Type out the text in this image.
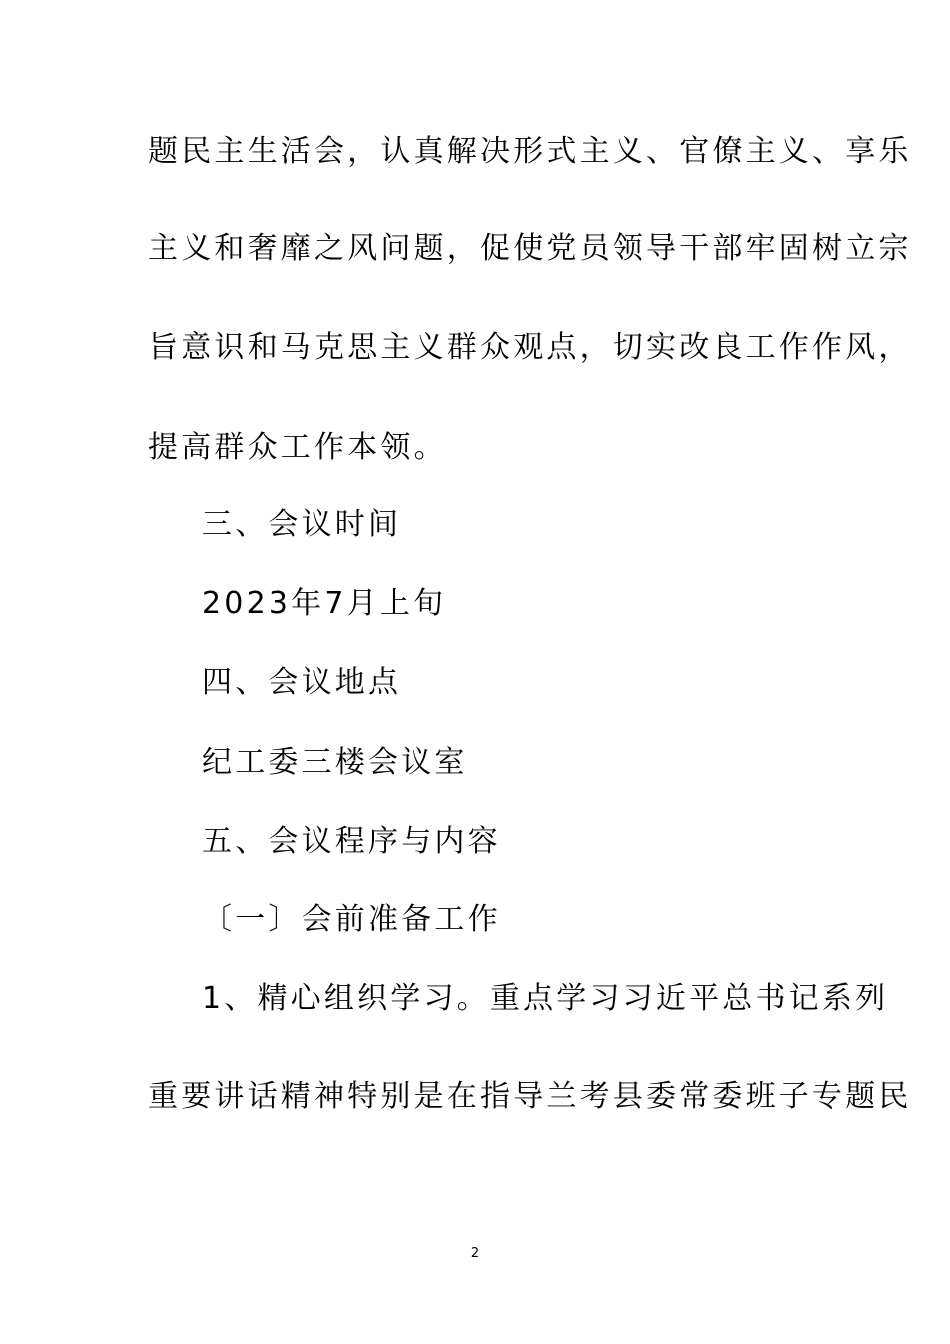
题民主生活会，认真解决形式主义、官僚主义、享乐
主义和奢靡之风问题，促使党员领导干部牢固树立宗
旨意识和马克思主义群众观点，切实改良工作作风，
提高群众工作本领。
三、会议时间
2023年7月上旬
四、会议地点
纪工委三楼会议室
五、会议程序与内容
〔一〕会前准备工作
1、精心组织学习。重点学习习近平总书记系列
重要讲话精神特别是在指导兰考县委常委班子专题民
2
